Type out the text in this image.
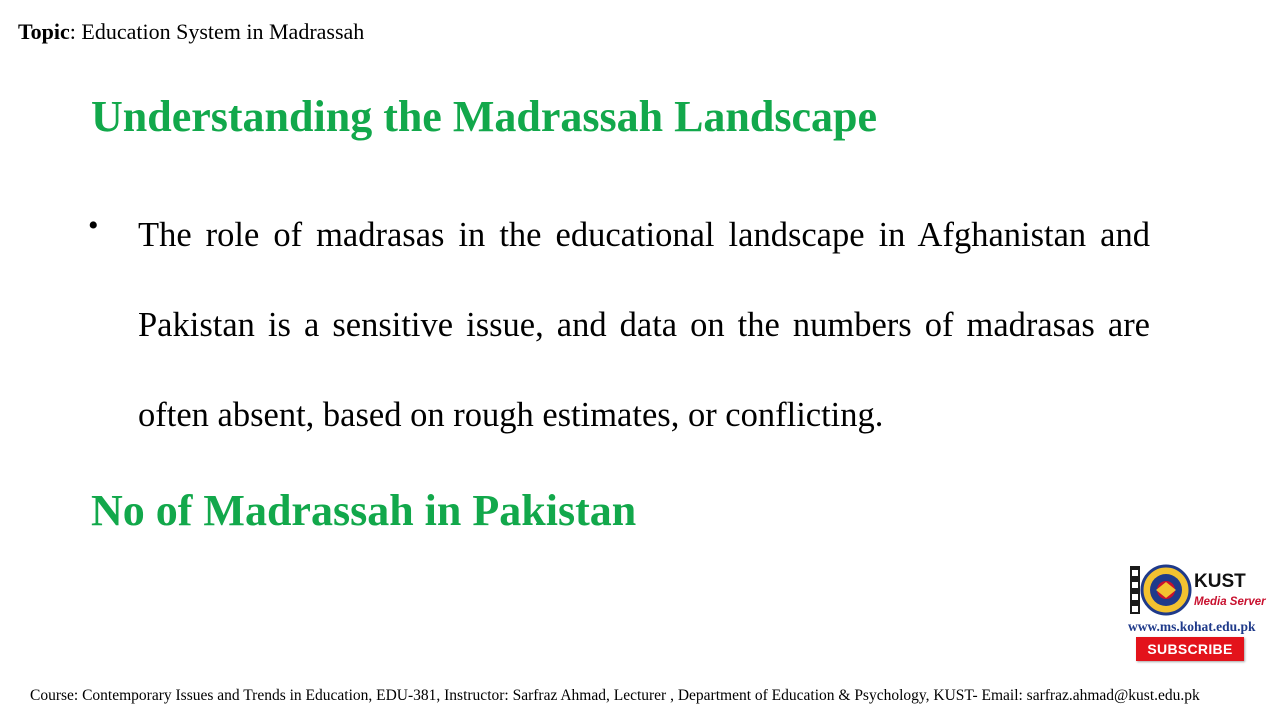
Topic: Education System in Madrassah
Understanding the Madrassah Landscape
• The role of madrasas in the educational landscape in Afghanistan and Pakistan is a sensitive issue, and data on the numbers of madrasas are often absent, based on rough estimates, or conflicting.
No of Madrassah in Pakistan
KUST
Media Server
www.ms.kohat.edu.pk
SUBSCRIBE
Course: Contemporary Issues and Trends in Education, EDU-381, Instructor: Sarfraz Ahmad, Lecturer , Department of Education & Psychology, KUST- Email: sarfraz.ahmad@kust.edu.pk
